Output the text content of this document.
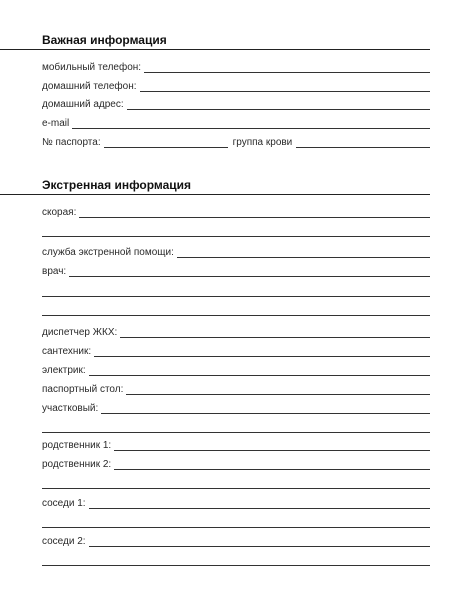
Важная информация
мобильный телефон:
домашний телефон:
домашний адрес:
e-mail
№ паспорта:	группа крови
Экстренная информация
скорая:
служба экстренной помощи:
врач:
диспетчер ЖКХ:
сантехник:
электрик:
паспортный стол:
участковый:
родственник 1:
родственник 2:
соседи 1:
соседи 2:
